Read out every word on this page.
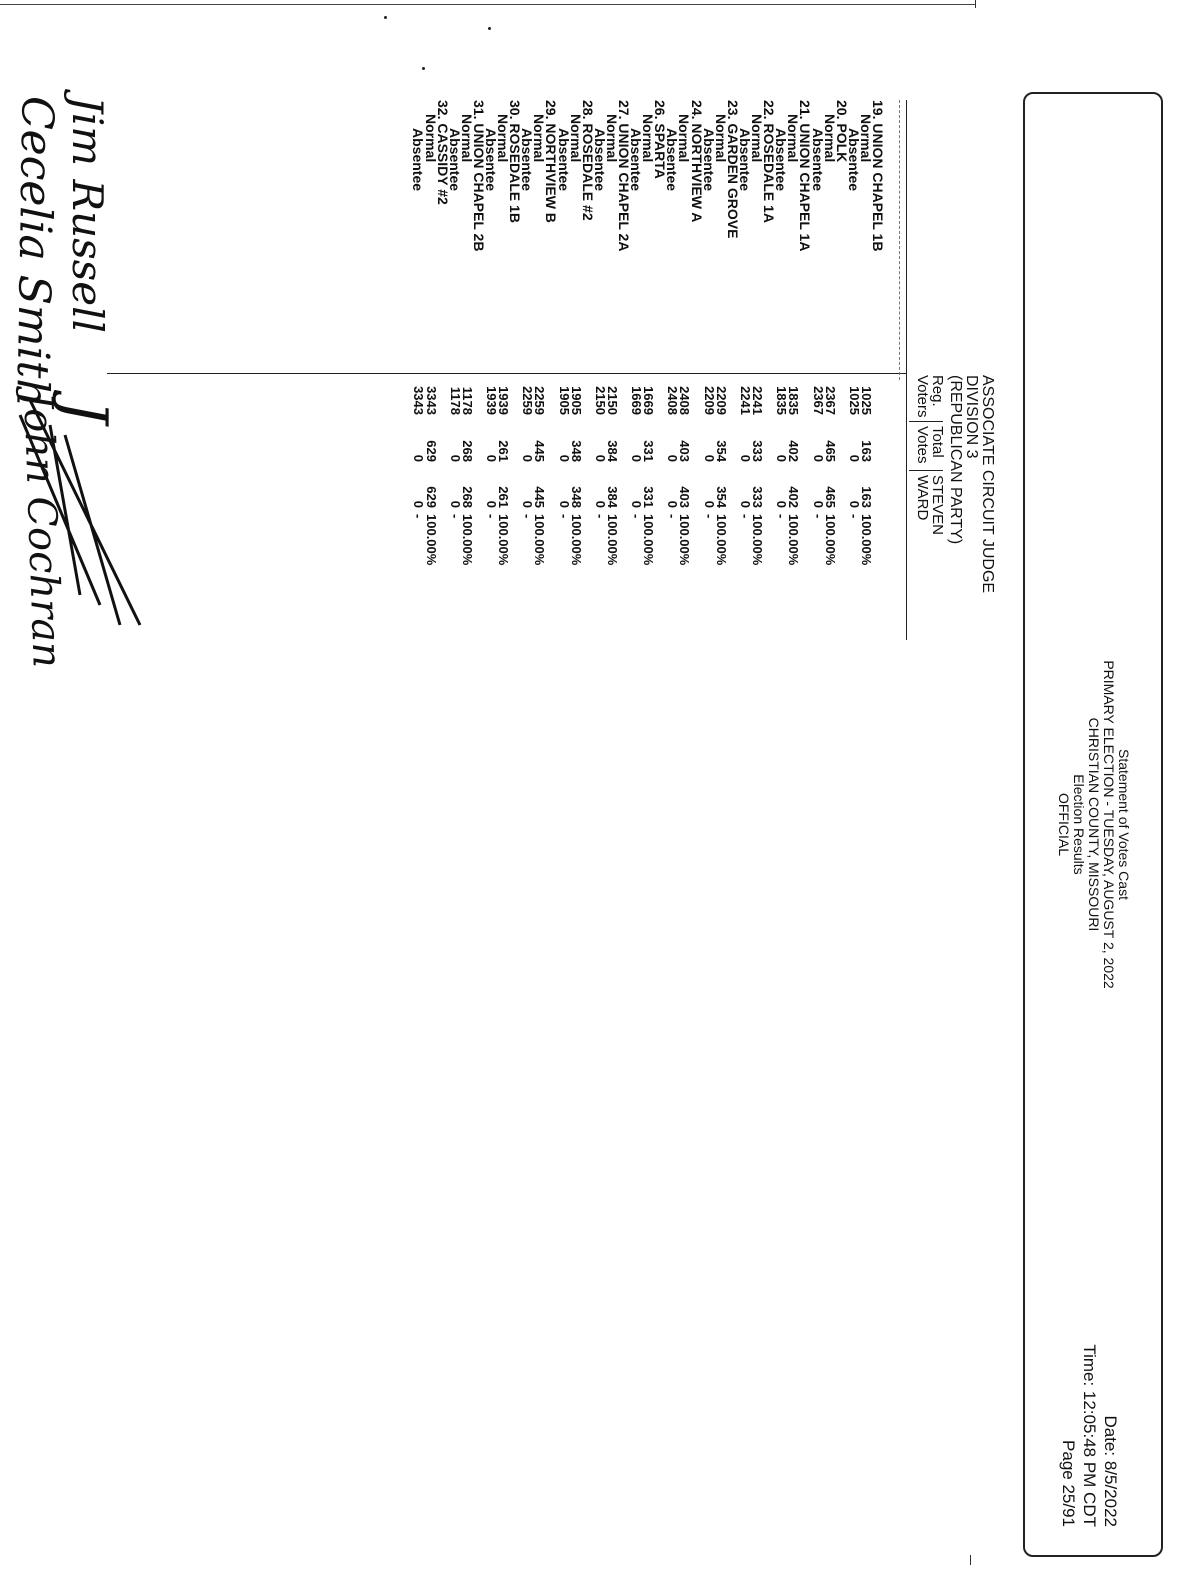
Statement of Votes Cast
PRIMARY ELECTION - TUESDAY, AUGUST 2, 2022
CHRISTIAN COUNTY, MISSOURI
Election Results
OFFICIAL
Date: 8/5/2022
Time: 12:05:48 PM CDT
Page 25/91
ASSOCIATE CIRCUIT JUDGE
DIVISION 3
(REPUBLICAN PARTY)
Reg.
Voters
Total
Votes
STEVEN
WARD
19. UNION CHAPEL 1B
Normal
Absentee
20. POLK
Normal
Absentee
21. UNION CHAPEL 1A
Normal
Absentee
22. ROSEDALE 1A
Normal
Absentee
23. GARDEN GROVE
Normal
Absentee
24. NORTHVIEW A
Normal
Absentee
26. SPARTA
Normal
Absentee
27. UNION CHAPEL 2A
Normal
Absentee
28. ROSEDALE #2
Normal
Absentee
29. NORTHVIEW B
Normal
Absentee
30. ROSEDALE 1B
Normal
Absentee
31. UNION CHAPEL 2B
Normal
Absentee
32. CASSIDY #2
Normal
Absentee
1025
1025
2367
2367
1835
1835
2241
2241
2209
2209
2408
2408
1669
1669
2150
2150
1905
1905
2259
2259
1939
1939
1178
1178
3343
3343
163
0
465
0
402
0
333
0
354
0
403
0
331
0
384
0
348
0
445
0
261
0
268
0
629
0
163
0
465
0
402
0
333
0
354
0
403
0
331
0
384
0
348
0
445
0
261
0
268
0
629
0
100.00%
-
100.00%
-
100.00%
-
100.00%
-
100.00%
-
100.00%
-
100.00%
-
100.00%
-
100.00%
-
100.00%
-
100.00%
-
100.00%
-
100.00%
-
Cecelia Smith Jim Russell
John Cochran
J
